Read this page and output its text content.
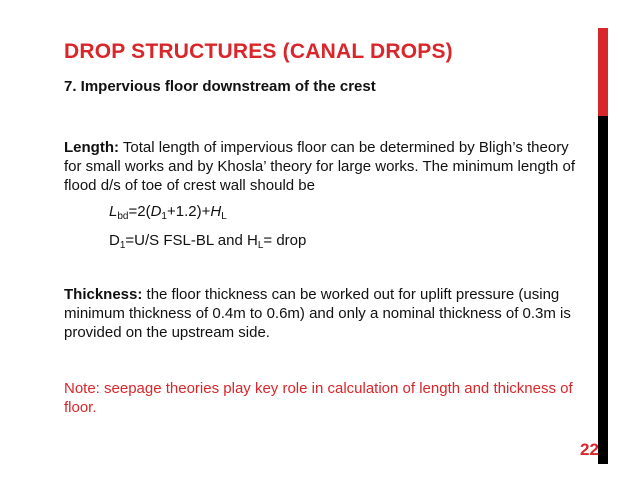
DROP STRUCTURES (CANAL DROPS)
7. Impervious floor downstream of the crest
Length: Total length of impervious floor can be determined by Bligh’s theory for small works and by Khosla’ theory for large works. The minimum length of flood d/s of toe of crest wall should be
$L_{bd}=2(D_1+1.2)+H_L$
$D_1=U/S$ FSL-BL and $H_L=$ drop
Thickness: the floor thickness can be worked out for uplift pressure (using minimum thickness of 0.4m to 0.6m) and only a nominal thickness of 0.3m is provided on the upstream side.
Note: seepage theories play key role in calculation of length and thickness of floor.
22
